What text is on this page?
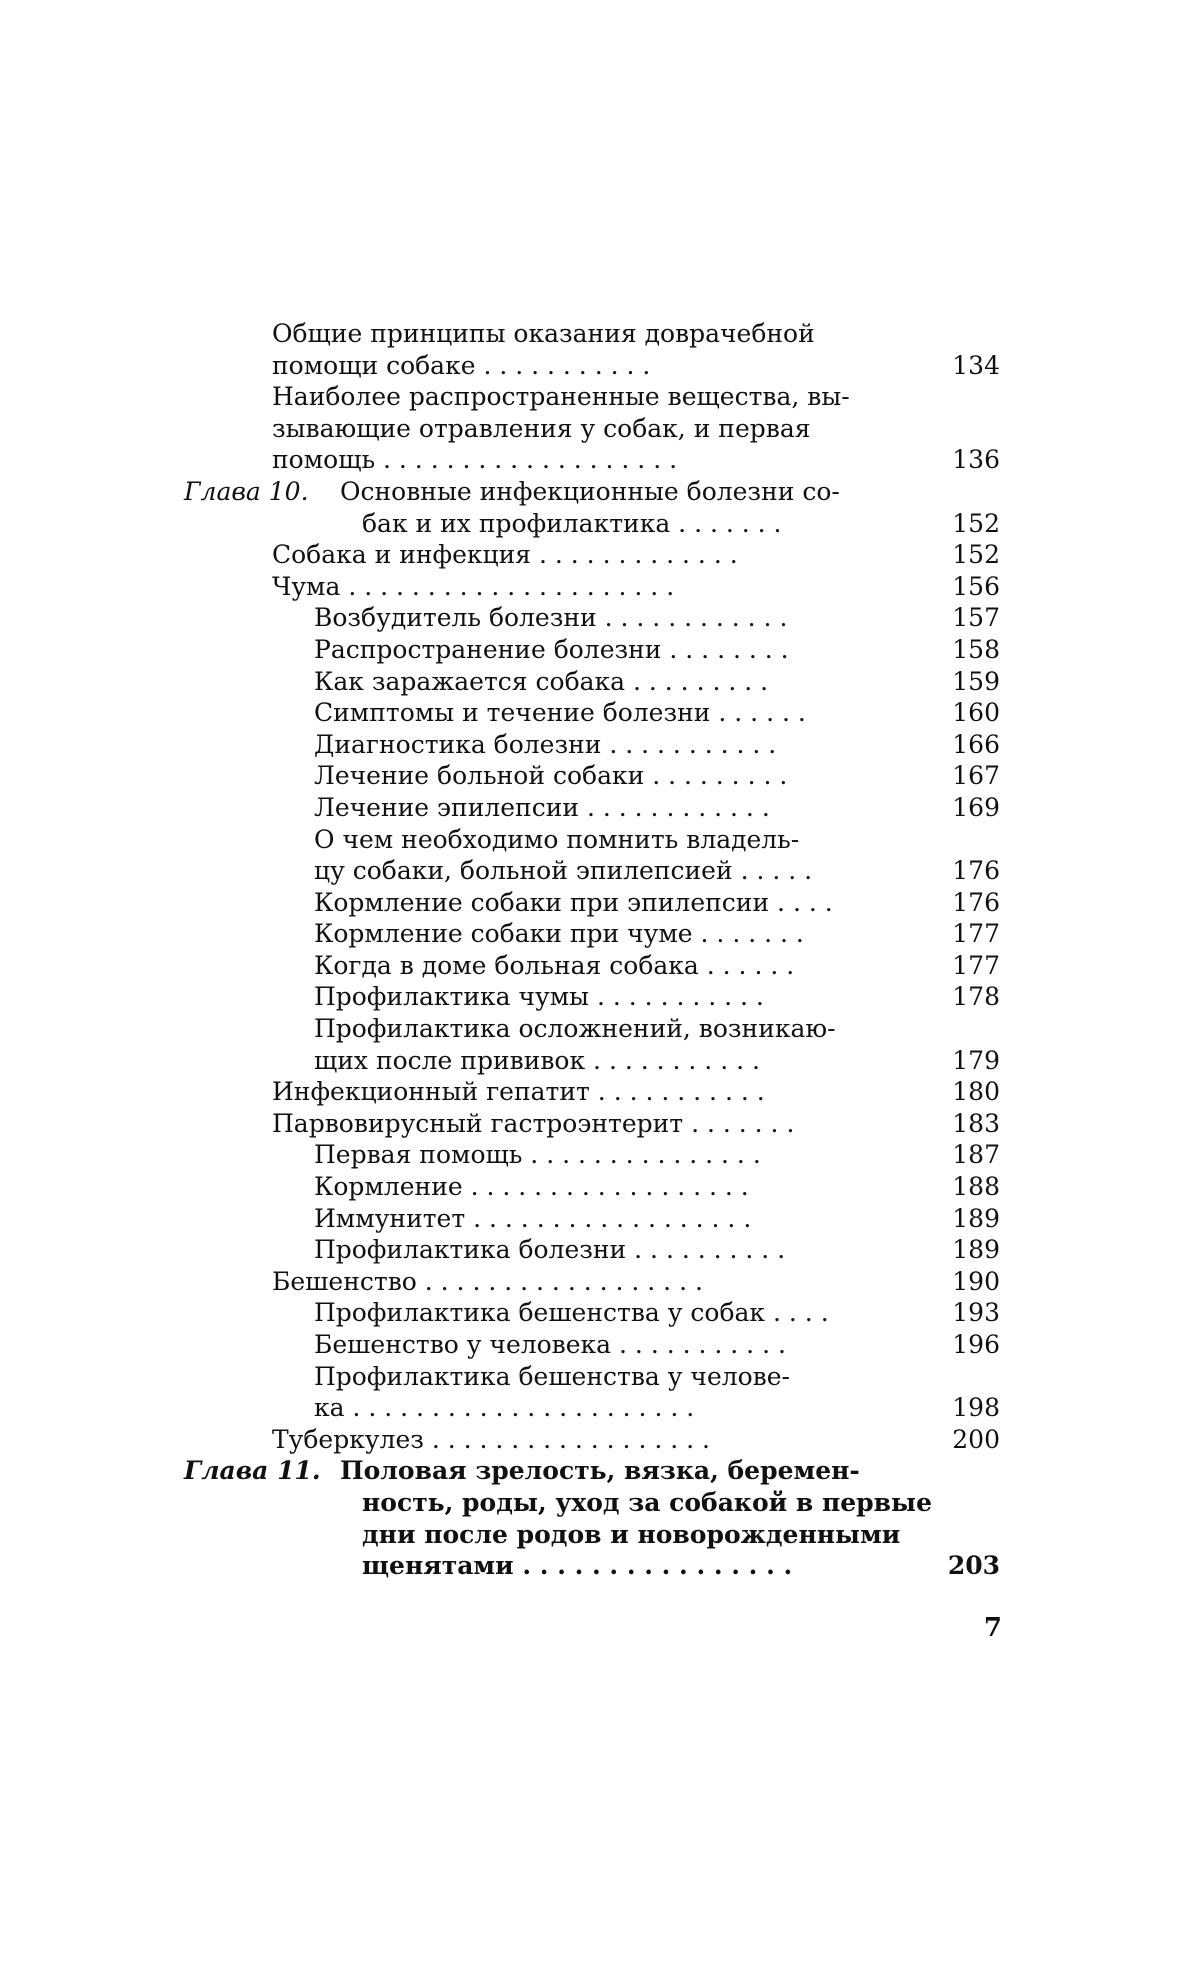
Общие принципы оказания доврачебной
помощи собаке . . . . . . . . . . .	134
Наиболее распространенные вещества, вы-
зывающие отравления у собак, и первая
помощь . . . . . . . . . . . . . . . . . . .	136
Глава 10. Основные инфекционные болезни со-
бак и их профилактика . . . . . . .	152
Собака и инфекция . . . . . . . . . . . . .	152
Чума . . . . . . . . . . . . . . . . . . . . .	156
Возбудитель болезни . . . . . . . . . . . .	157
Распространение болезни . . . . . . . .	158
Как заражается собака . . . . . . . . .	159
Симптомы и течение болезни . . . . . .	160
Диагностика болезни . . . . . . . . . . .	166
Лечение больной собаки . . . . . . . . .	167
Лечение эпилепсии . . . . . . . . . . . .	169
О чем необходимо помнить владель-
цу собаки, больной эпилепсией . . . . .	176
Кормление собаки при эпилепсии . . . .	176
Кормление собаки при чуме . . . . . . .	177
Когда в доме больная собака . . . . . .	177
Профилактика чумы . . . . . . . . . . .	178
Профилактика осложнений, возникаю-
щих после прививок . . . . . . . . . . .	179
Инфекционный гепатит . . . . . . . . . . .	180
Парвовирусный гастроэнтерит . . . . . . .	183
Первая помощь . . . . . . . . . . . . . . .	187
Кормление . . . . . . . . . . . . . . . . . .	188
Иммунитет . . . . . . . . . . . . . . . . . .	189
Профилактика болезни . . . . . . . . . .	189
Бешенство . . . . . . . . . . . . . . . . . .	190
Профилактика бешенства у собак . . . .	193
Бешенство у человека . . . . . . . . . . .	196
Профилактика бешенства у челове-
ка . . . . . . . . . . . . . . . . . . . . . .	198
Туберкулез . . . . . . . . . . . . . . . . . .	200
Глава 11. Половая зрелость, вязка, беремен-
ность, роды, уход за собакой в первые
дни после родов и новорожденными
щенятами . . . . . . . . . . . . . . . .	203
7
